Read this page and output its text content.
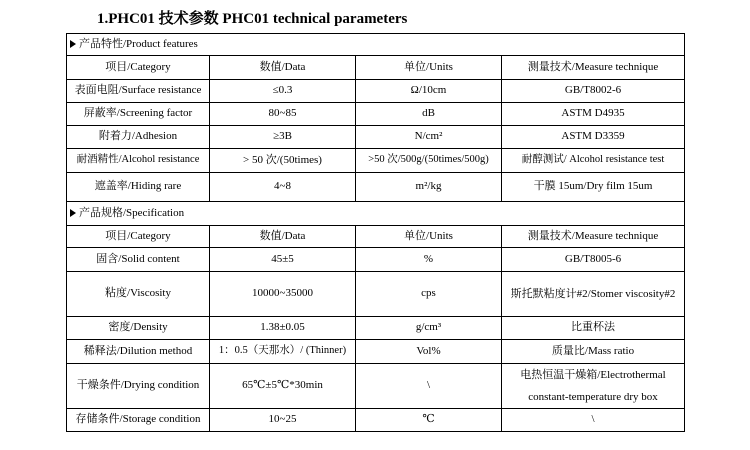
1.PHC01 技术参数 PHC01 technical parameters
产品特性/Product features			
项目/Category	数值/Data	单位/Units	测量技术/Measure technique
表面电阻/Surface resistance	≤0.3	Ω/10cm	GB/T8002-6
屏蔽率/Screening factor	80~85	dB	ASTM D4935
附着力/Adhesion	≥3B	N/cm²	ASTM D3359
耐酒精性/Alcohol resistance	> 50 次/(50times)	>50 次/500g/(50times/500g)	耐醇测试/ Alcohol resistance test
遮盖率/Hiding rare	4~8	m²/kg	干膜 15um/Dry film 15um
产品规格/Specification			
项目/Category	数值/Data	单位/Units	测量技术/Measure technique
固含/Solid content	45±5	%	GB/T8005-6
粘度/Viscosity	10000~35000	cps	斯托默粘度计#2/Stomer viscosity#2

密度/Density	1.38±0.05	g/cm³	比重杯法
稀释法/Dilution method	1：0.5（天那水）/ (Thinner)	Vol%	质量比/Mass ratio
干燥条件/Drying condition	65℃±5℃*30min	\	电热恒温干燥箱/Electrothermal constant-temperature dry box

存储条件/Storage condition	10~25	℃	\
